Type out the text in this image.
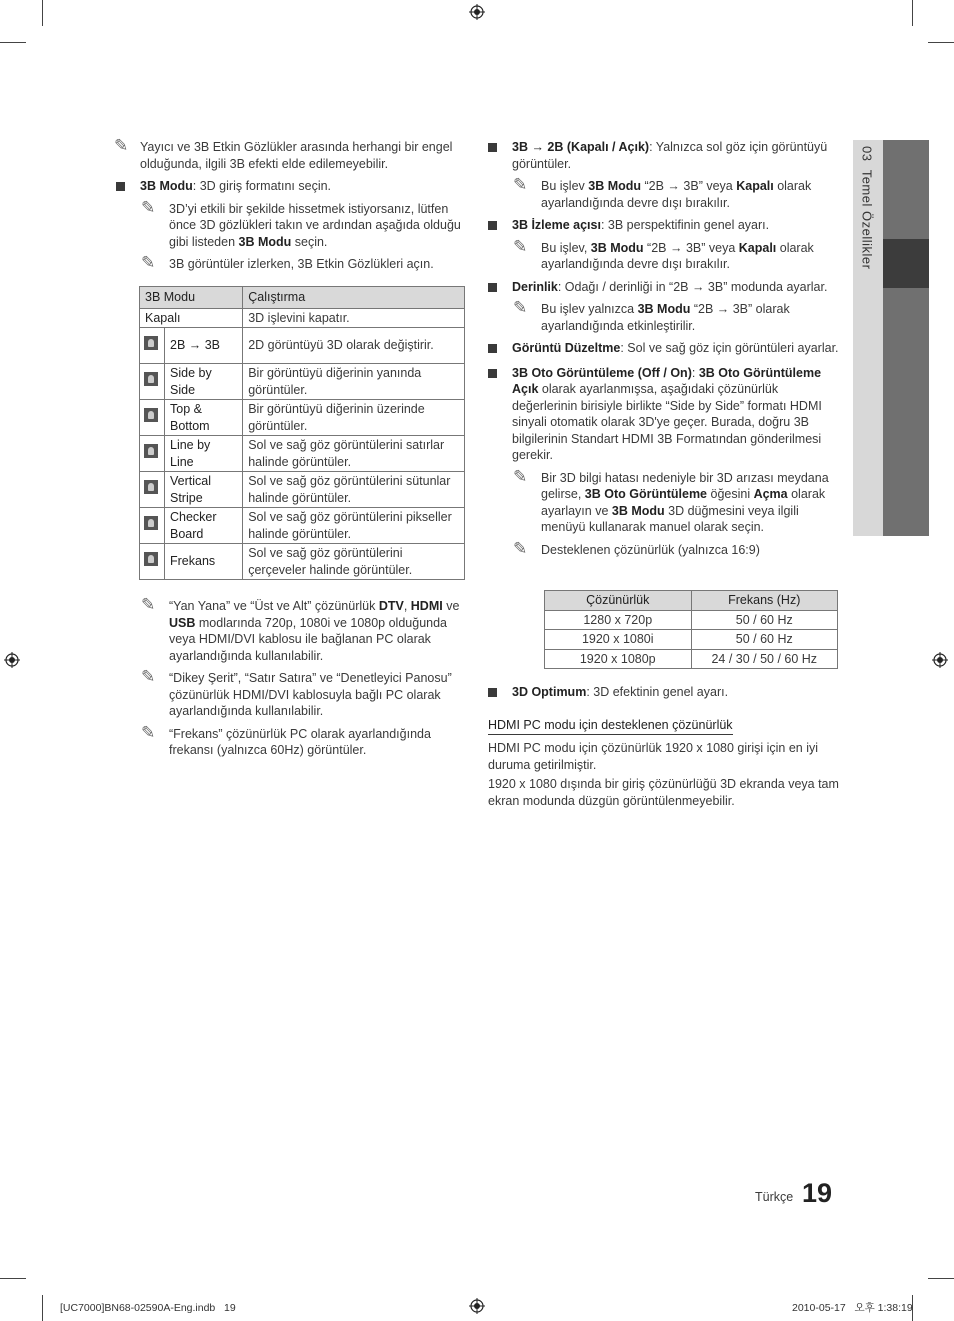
03  Temel Özellikler
✎ Yayıcı ve 3B Etkin Gözlükler arasında herhangi bir engel olduğunda, ilgili 3B efekti elde edilemeyebilir.
3B Modu: 3D giriş formatını seçin.
✎ 3D’yi etkili bir şekilde hissetmek istiyorsanız, lütfen önce 3D gözlükleri takın ve ardından aşağıda olduğu gibi listeden 3B Modu seçin.
✎ 3B görüntüler izlerken, 3B Etkin Gözlükleri açın.
3B Modu		Çalıştırma
Kapalı		3D işlevini kapatır.
	2B → 3B	2D görüntüyü 3D olarak değiştirir.
	Side by Side	Bir görüntüyü diğerinin yanında görüntüler.
	Top & Bottom	Bir görüntüyü diğerinin üzerinde görüntüler.
	Line by Line	Sol ve sağ göz görüntülerini satırlar halinde görüntüler.
	Vertical Stripe	Sol ve sağ göz görüntülerini sütunlar halinde görüntüler.
	Checker Board	Sol ve sağ göz görüntülerini pikseller halinde görüntüler.
	Frekans	Sol ve sağ göz görüntülerini çerçeveler halinde görüntüler.
✎ “Yan Yana” ve “Üst ve Alt” çözünürlük DTV, HDMI ve USB modlarında 720p, 1080i ve 1080p olduğunda veya HDMI/DVI kablosu ile bağlanan PC olarak ayarlandığında kullanılabilir.
✎ “Dikey Şerit”, “Satır Satıra” ve “Denetleyici Panosu” çözünürlük HDMI/DVI kablosuyla bağlı PC olarak ayarlandığında kullanılabilir.
✎ “Frekans” çözünürlük PC olarak ayarlandığında frekansı (yalnızca 60Hz) görüntüler.
3B → 2B (Kapalı / Açık): Yalnızca sol göz için görüntüyü görüntüler.
✎ Bu işlev 3B Modu “2B → 3B” veya Kapalı olarak ayarlandığında devre dışı bırakılır.
3B İzleme açısı: 3B perspektifinin genel ayarı.
✎ Bu işlev, 3B Modu “2B → 3B” veya Kapalı olarak ayarlandığında devre dışı bırakılır.
Derinlik: Odağı / derinliği in “2B → 3B” modunda ayarlar.
✎ Bu işlev yalnızca 3B Modu “2B → 3B” olarak ayarlandığında etkinleştirilir.
Görüntü Düzeltme: Sol ve sağ göz için görüntüleri ayarlar.
3B Oto Görüntüleme (Off / On): 3B Oto Görüntüleme Açık olarak ayarlanmışsa, aşağıdaki çözünürlük değerlerinin birisiyle birlikte “Side by Side” formatı HDMI sinyali otomatik olarak 3D'ye geçer. Burada, doğru 3B bilgilerinin Standart HDMI 3B Formatından gönderilmesi gerekir.
✎ Bir 3D bilgi hatası nedeniyle bir 3D arızası meydana gelirse, 3B Oto Görüntüleme öğesini Açma olarak ayarlayın ve 3B Modu 3D düğmesini veya ilgili menüyü kullanarak manuel olarak seçin.
✎ Desteklenen çözünürlük (yalnızca 16:9)
Çözünürlük	Frekans (Hz)
1280 x 720p	50 / 60 Hz
1920 x 1080i	50 / 60 Hz
1920 x 1080p	24 / 30 / 50 / 60 Hz
3D Optimum: 3D efektinin genel ayarı.
HDMI PC modu için desteklenen çözünürlük
HDMI PC modu için çözünürlük 1920 x 1080 girişi için en iyi duruma getirilmiştir.
1920 x 1080 dışında bir giriş çözünürlüğü 3D ekranda veya tam ekran modunda düzgün görüntülenmeyebilir.
Türkçe 19
[UC7000]BN68-02590A-Eng.indb   19	2010-05-17   오후 1:38:19
